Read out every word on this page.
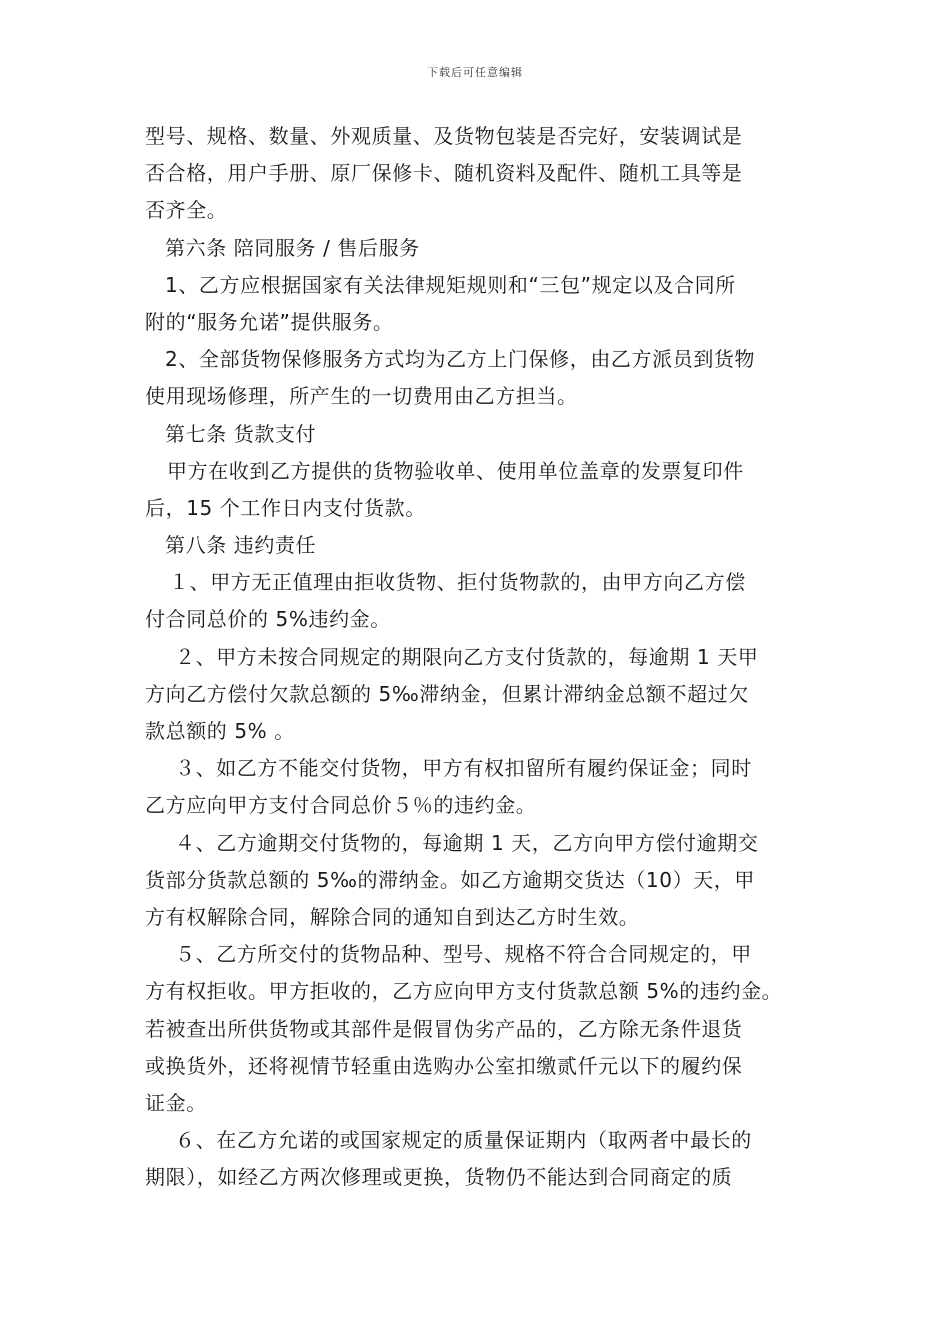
下载后可任意编辑
型号、规格、数量、外观质量、及货物包装是否完好，安装调试是
否合格，用户手册、原厂保修卡、随机资料及配件、随机工具等是
否齐全。
第六条 陪同服务 / 售后服务
1、乙方应根据国家有关法律规矩规则和“三包”规定以及合同所
附的“服务允诺”提供服务。
2、全部货物保修服务方式均为乙方上门保修，由乙方派员到货物
使用现场修理，所产生的一切费用由乙方担当。
第七条 货款支付
甲方在收到乙方提供的货物验收单、使用单位盖章的发票复印件
后，15 个工作日内支付货款。
第八条 违约责任
１、甲方无正值理由拒收货物、拒付货物款的，由甲方向乙方偿
付合同总价的 5%违约金。
２、甲方未按合同规定的期限向乙方支付货款的，每逾期 1 天甲
方向乙方偿付欠款总额的 5‰滞纳金，但累计滞纳金总额不超过欠
款总额的 5% 。
３、如乙方不能交付货物，甲方有权扣留所有履约保证金；同时
乙方应向甲方支付合同总价５％的违约金。
４、乙方逾期交付货物的，每逾期 1 天，乙方向甲方偿付逾期交
货部分货款总额的 5‰的滞纳金。如乙方逾期交货达（10）天，甲
方有权解除合同，解除合同的通知自到达乙方时生效。
５、乙方所交付的货物品种、型号、规格不符合合同规定的，甲
方有权拒收。甲方拒收的，乙方应向甲方支付货款总额 5%的违约金。
若被查出所供货物或其部件是假冒伪劣产品的，乙方除无条件退货
或换货外，还将视情节轻重由选购办公室扣缴贰仟元以下的履约保
证金。
６、在乙方允诺的或国家规定的质量保证期内（取两者中最长的
期限），如经乙方两次修理或更换，货物仍不能达到合同商定的质
